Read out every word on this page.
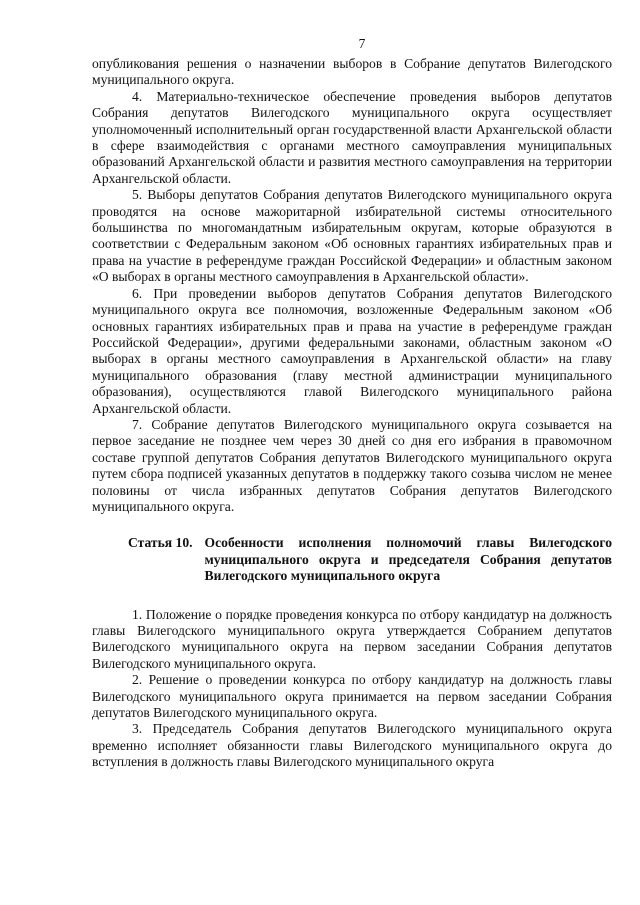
7

опубликования решения о назначении выборов в Собрание депутатов Вилегодского муниципального округа.

4. Материально-техническое обеспечение проведения выборов депутатов Собрания депутатов Вилегодского муниципального округа осуществляет уполномоченный исполнительный орган государственной власти Архангельской области в сфере взаимодействия с органами местного самоуправления муниципальных образований Архангельской области и развития местного самоуправления на территории Архангельской области.

5. Выборы депутатов Собрания депутатов Вилегодского муниципального округа проводятся на основе мажоритарной избирательной системы относительного большинства по многомандатным избирательным округам, которые образуются в соответствии с Федеральным законом «Об основных гарантиях избирательных прав и права на участие в референдуме граждан Российской Федерации» и областным законом «О выборах в органы местного самоуправления в Архангельской области».

6. При проведении выборов депутатов Собрания депутатов Вилегодского муниципального округа все полномочия, возложенные Федеральным законом «Об основных гарантиях избирательных прав и права на участие в референдуме граждан Российской Федерации», другими федеральными законами, областным законом «О выборах в органы местного самоуправления в Архангельской области» на главу муниципального образования (главу местной администрации муниципального образования), осуществляются главой Вилегодского муниципального района Архангельской области.

7. Собрание депутатов Вилегодского муниципального округа созывается на первое заседание не позднее чем через 30 дней со дня его избрания в правомочном составе группой депутатов Собрания депутатов Вилегодского муниципального округа путем сбора подписей указанных депутатов в поддержку такого созыва числом не менее половины от числа избранных депутатов Собрания депутатов Вилегодского муниципального округа.

Статья 10. Особенности исполнения полномочий главы Вилегодского муниципального округа и председателя Собрания депутатов Вилегодского муниципального округа

1. Положение о порядке проведения конкурса по отбору кандидатур на должность главы Вилегодского муниципального округа утверждается Собранием депутатов Вилегодского муниципального округа на первом заседании Собрания депутатов Вилегодского муниципального округа.

2. Решение о проведении конкурса по отбору кандидатур на должность главы Вилегодского муниципального округа принимается на первом заседании Собрания депутатов Вилегодского муниципального округа.

3. Председатель Собрания депутатов Вилегодского муниципального округа временно исполняет обязанности главы Вилегодского муниципального округа до вступления в должность главы Вилегодского муниципального округа
